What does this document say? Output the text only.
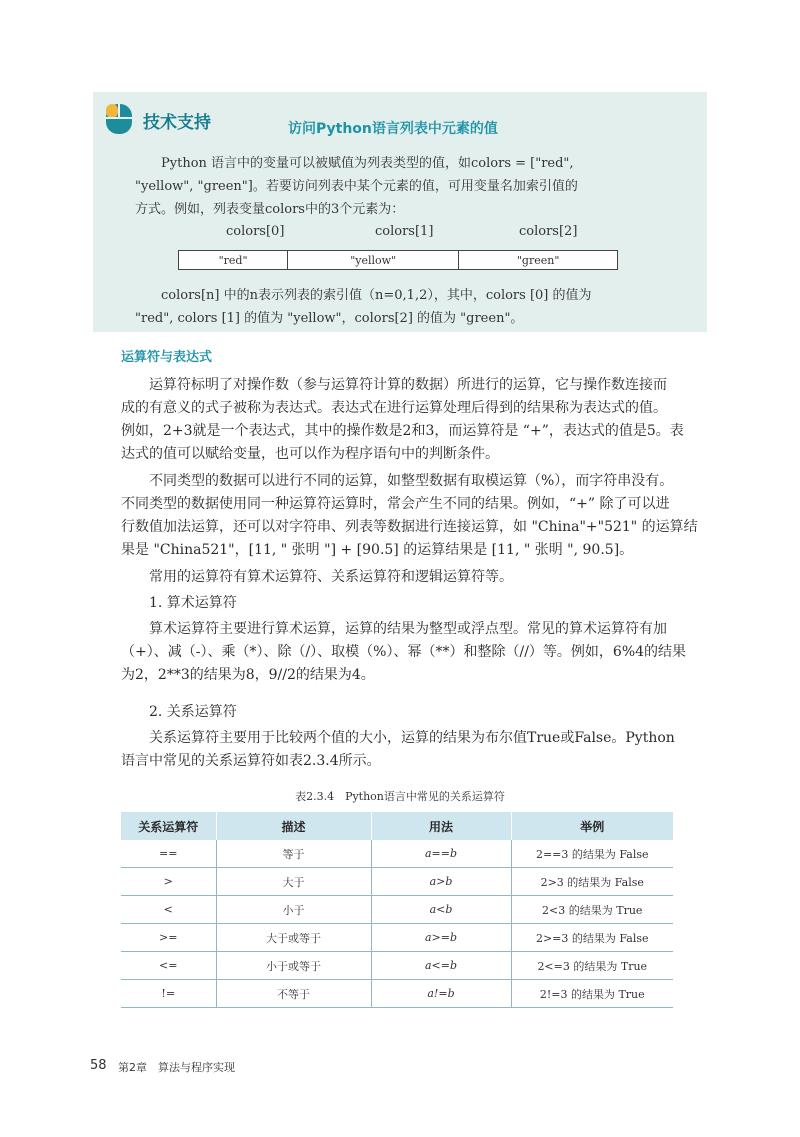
技术支持	访问Python语言列表中元素的值
Python 语言中的变量可以被赋值为列表类型的值，如colors = ["red",
"yellow", "green"]。若要访问列表中某个元素的值，可用变量名加索引值的
方式。例如，列表变量colors中的3个元素为：
colors[0]	colors[1]	colors[2]
"red"	"yellow"	"green"
colors[n] 中的n表示列表的索引值（n=0,1,2），其中，colors [0] 的值为
"red", colors [1] 的值为 "yellow"，colors[2] 的值为 "green"。
运算符与表达式
　　运算符标明了对操作数（参与运算符计算的数据）所进行的运算，它与操作数连接而
成的有意义的式子被称为表达式。表达式在进行运算处理后得到的结果称为表达式的值。
例如，2+3就是一个表达式，其中的操作数是2和3，而运算符是 “+”，表达式的值是5。表
达式的值可以赋给变量，也可以作为程序语句中的判断条件。
　　不同类型的数据可以进行不同的运算，如整型数据有取模运算（%），而字符串没有。
不同类型的数据使用同一种运算符运算时，常会产生不同的结果。例如，“+” 除了可以进
行数值加法运算，还可以对字符串、列表等数据进行连接运算，如 "China"+"521" 的运算结
果是 "China521"，[11, " 张明 "] + [90.5] 的运算结果是 [11, " 张明 ", 90.5]。
　　常用的运算符有算术运算符、关系运算符和逻辑运算符等。
　　1. 算术运算符
　　算术运算符主要进行算术运算，运算的结果为整型或浮点型。常见的算术运算符有加
（+）、减（-）、乘（*）、除（/）、取模（%）、幂（**）和整除（//）等。例如，6%4的结果
为2，2**3的结果为8，9//2的结果为4。
　　2. 关系运算符
　　关系运算符主要用于比较两个值的大小，运算的结果为布尔值True或False。Python
语言中常见的关系运算符如表2.3.4所示。
表2.3.4　Python语言中常见的关系运算符
关系运算符	描述	用法	举例
==	等于	a==b	2==3 的结果为 False
>	大于	a>b	2>3 的结果为 False
<	小于	a<b	2<3 的结果为 True
>=	大于或等于	a>=b	2>=3 的结果为 False
<=	小于或等于	a<=b	2<=3 的结果为 True
!=	不等于	a!=b	2!=3 的结果为 True
58 第2章　算法与程序实现
